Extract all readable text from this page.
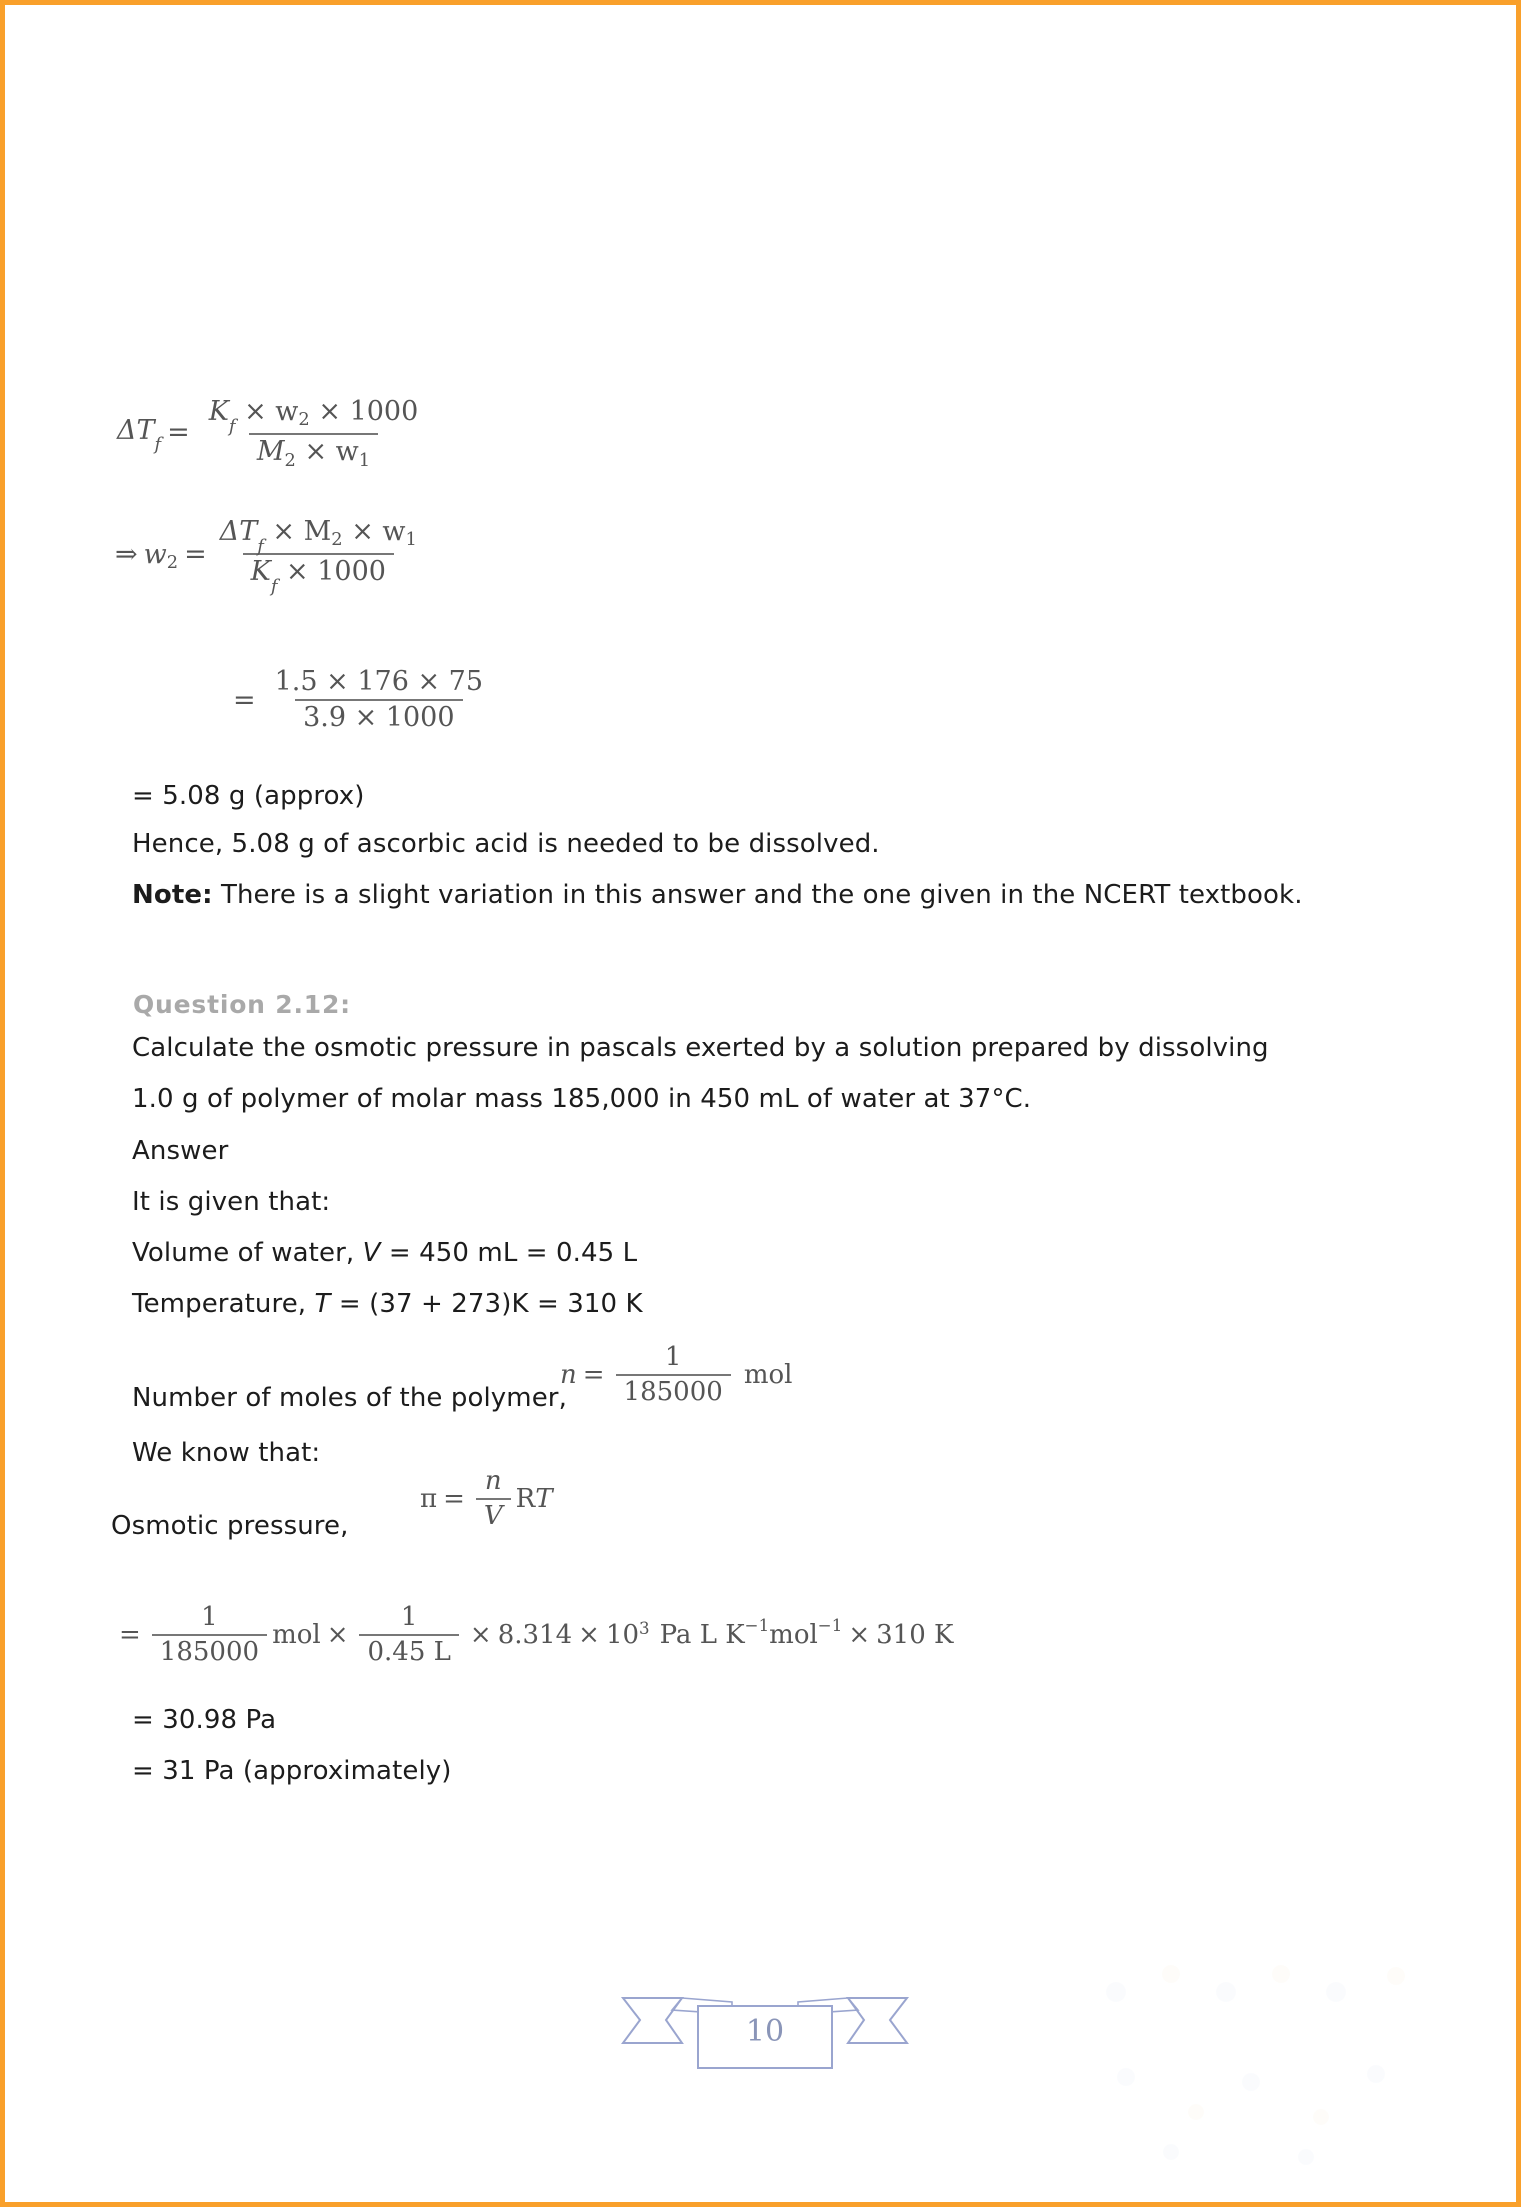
$\Delta T_f = \frac{K_f \times w2 \times 1000}{M2 \times w1}$
⇒ $w2 = \frac{\Delta T_f \times M2 \times w1}{K_f \times 1000}$
= $\frac{1.5 \times 176 \times 75}{3.9 \times 1000}$
= 5.08 g (approx)
Hence, 5.08 g of ascorbic acid is needed to be dissolved.
Note: There is a slight variation in this answer and the one given in the NCERT textbook.
Question 2.12:
Calculate the osmotic pressure in pascals exerted by a solution prepared by dissolving
1.0 g of polymer of molar mass 185,000 in 450 mL of water at 37°C.
Answer
It is given that:
Volume of water, V = 450 mL = 0.45 L
Temperature, T = (37 + 273)K = 310 K
Number of moles of the polymer,
$n = \frac{1}{185000}$ mol
We know that:
Osmotic pressure,
$\pi = \frac{n}{V}$ RT
= $\frac{1}{185000}$ mol × $\frac{1}{0.45 L} \times 8.314 \times 10^3$ Pa L K −1 mol −1 × 310 K
= 30.98 Pa
= 31 Pa (approximately)
10
